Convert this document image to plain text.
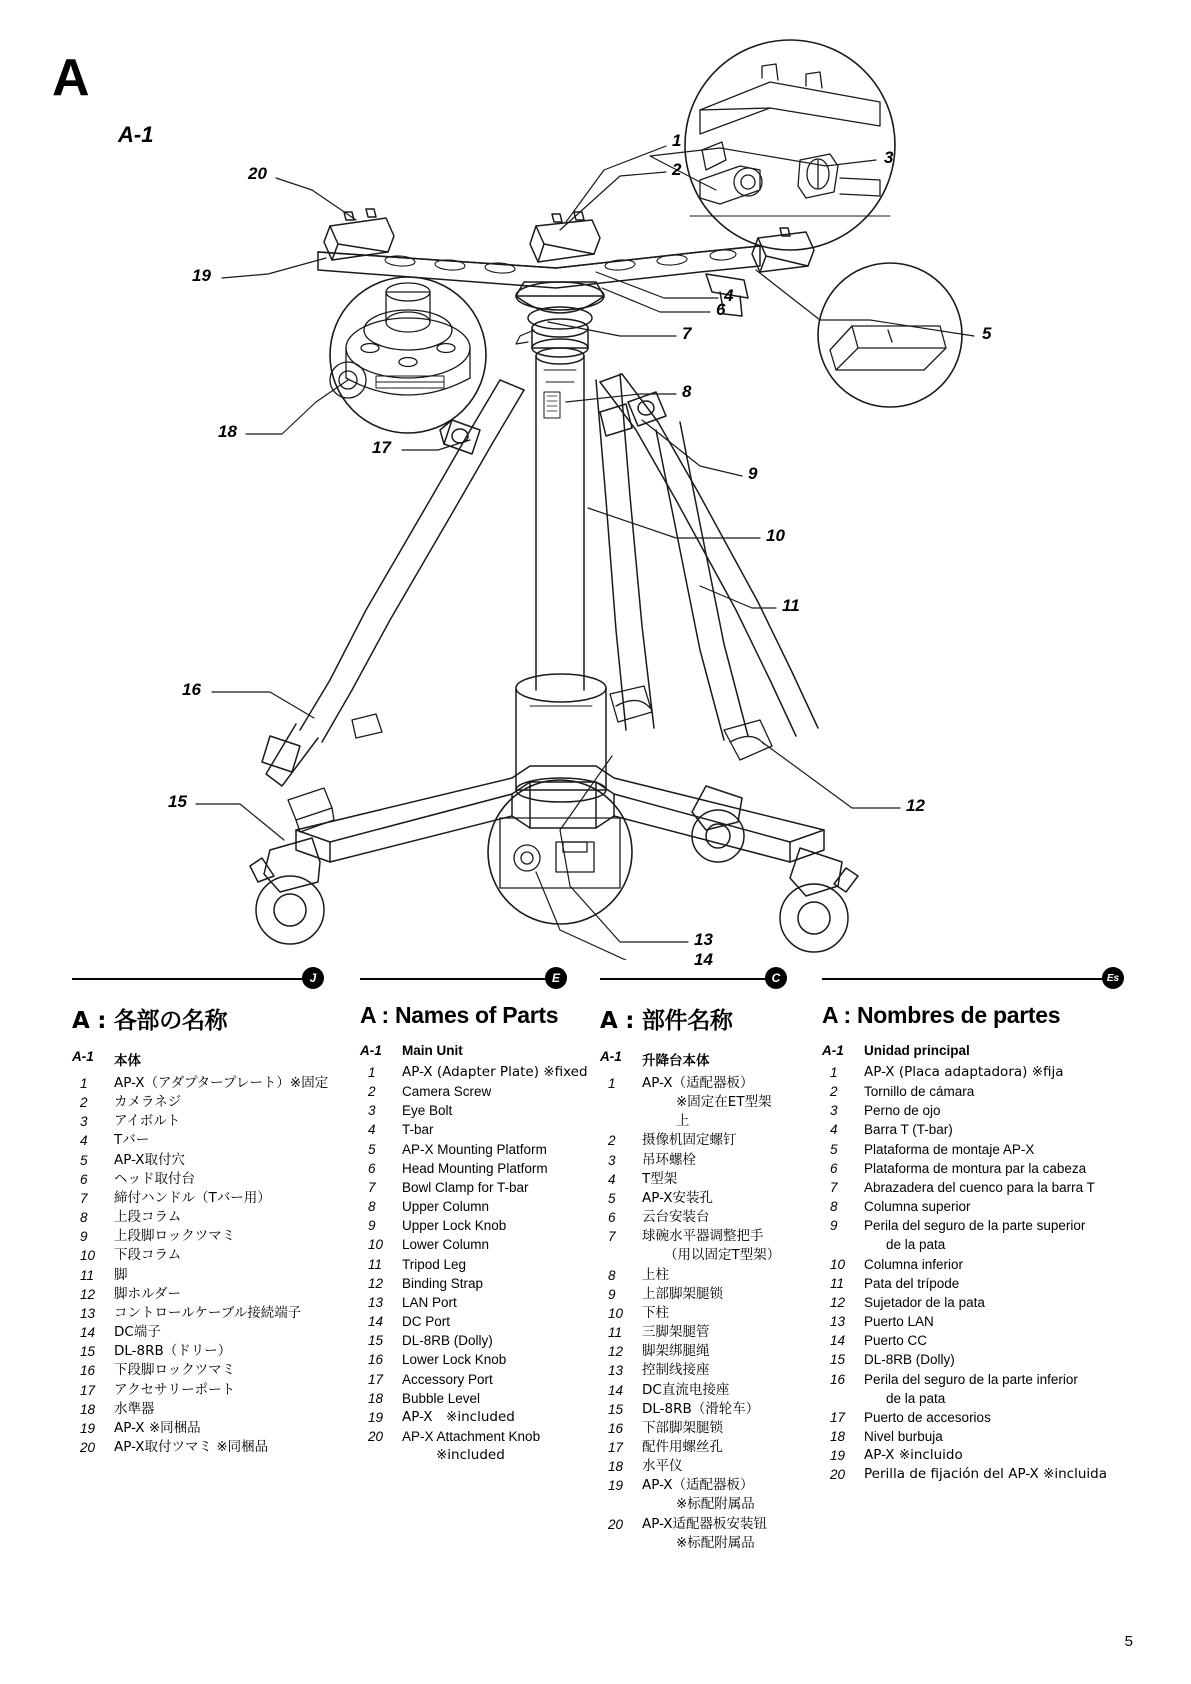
A
A-1	1
2
3
4
5
6
7
8
9
10
11
12
13
14
15
16
17
18
19
20
J
A : 各部の名称
A-1	本体
1	AP-X（アダプタープレート）※固定
2	カメラネジ
3	アイボルト
4	Tバー
5	AP-X取付穴
6	ヘッド取付台
7	締付ハンドル（Tバー用）
8	上段コラム
9	上段脚ロックツマミ
10	下段コラム
11	脚
12	脚ホルダー
13	コントロールケーブル接続端子
14	DC端子
15	DL-8RB（ドリー）
16	下段脚ロックツマミ
17	アクセサリーポート
18	水準器
19	AP-X ※同梱品
20	AP-X取付ツマミ ※同梱品
E
A : Names of Parts
A-1	Main Unit
1	AP-X (Adapter Plate) ※fixed
2	Camera Screw
3	Eye Bolt
4	T-bar
5	AP-X Mounting Platform
6	Head Mounting Platform
7	Bowl Clamp for T-bar
8	Upper Column
9	Upper Lock Knob
10	Lower Column
11	Tripod Leg
12	Binding Strap
13	LAN Port
14	DC Port
15	DL-8RB (Dolly)
16	Lower Lock Knob
17	Accessory Port
18	Bubble Level
19	AP-X　※included
20	AP-X Attachment Knob
※included
C
A : 部件名称
A-1	升降台本体
1	AP-X（适配器板）
※固定在ET型架上
2	摄像机固定螺钉
3	吊环螺栓
4	T型架
5	AP-X安装孔
6	云台安装台
7	球碗水平器调整把手
（用以固定T型架）
8	上柱
9	上部脚架腿锁
10	下柱
11	三脚架腿管
12	脚架绑腿绳
13	控制线接座
14	DC直流电接座
15	DL-8RB（滑轮车）
16	下部脚架腿锁
17	配件用螺丝孔
18	水平仪
19	AP-X（适配器板）
※标配附属品
20	AP-X适配器板安装钮
※标配附属品
Es
A : Nombres de partes
A-1	Unidad principal
1	AP-X (Placa adaptadora) ※fija
2	Tornillo de cámara
3	Perno de ojo
4	Barra T (T-bar)
5	Plataforma de montaje AP-X
6	Plataforma de montura par la cabeza
7	Abrazadera del cuenco para la barra T
8	Columna superior
9	Perila del seguro de la parte superior
de la pata
10	Columna inferior
11	Pata del trípode
12	Sujetador de la pata
13	Puerto LAN
14	Puerto CC
15	DL-8RB (Dolly)
16	Perila del seguro de la parte inferior
de la pata
17	Puerto de accesorios
18	Nivel burbuja
19	AP-X ※incluido
20	Perilla de fijación del AP-X ※incluida
5
